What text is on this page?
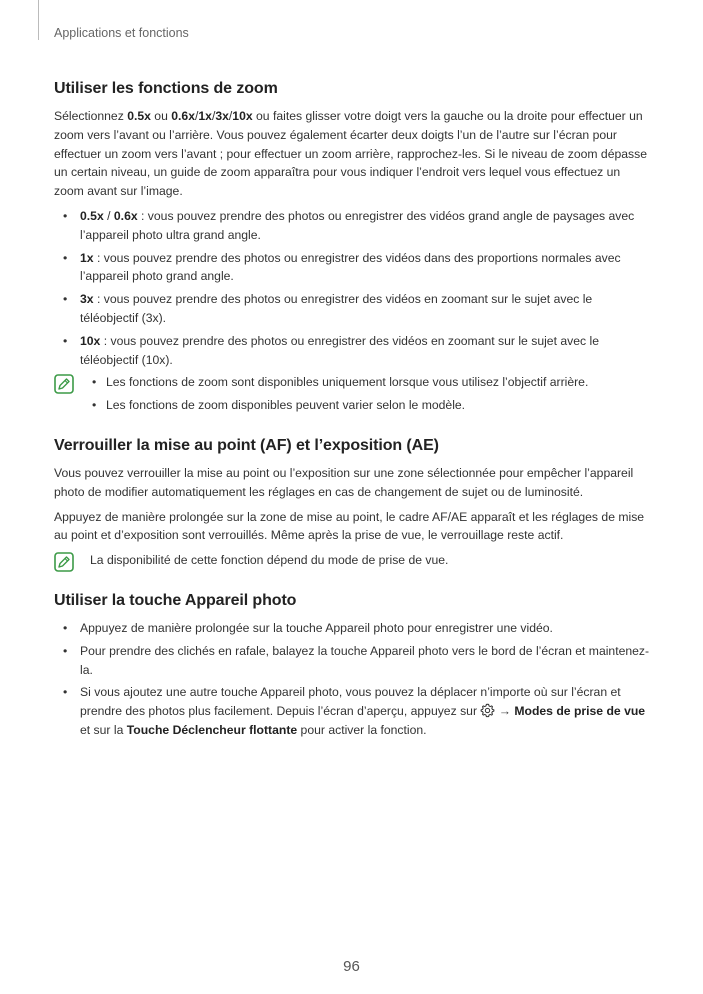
Applications et fonctions
Utiliser les fonctions de zoom

Sélectionnez 0.5x ou 0.6x/1x/3x/10x ou faites glisser votre doigt vers la gauche ou la droite pour effectuer un zoom vers l’avant ou l’arrière. Vous pouvez également écarter deux doigts l’un de l’autre sur l’écran pour effectuer un zoom vers l’avant ; pour effectuer un zoom arrière, rapprochez-les. Si le niveau de zoom dépasse un certain niveau, un guide de zoom apparaîtra pour vous indiquer l’endroit vers lequel vous effectuez un zoom avant sur l’image.

• 0.5x / 0.6x : vous pouvez prendre des photos ou enregistrer des vidéos grand angle de paysages avec l’appareil photo ultra grand angle.
• 1x : vous pouvez prendre des photos ou enregistrer des vidéos dans des proportions normales avec l’appareil photo grand angle.
• 3x : vous pouvez prendre des photos ou enregistrer des vidéos en zoomant sur le sujet avec le téléobjectif (3x).
• 10x : vous pouvez prendre des photos ou enregistrer des vidéos en zoomant sur le sujet avec le téléobjectif (10x).
• Les fonctions de zoom sont disponibles uniquement lorsque vous utilisez l’objectif arrière.
• Les fonctions de zoom disponibles peuvent varier selon le modèle.
Verrouiller la mise au point (AF) et l’exposition (AE)

Vous pouvez verrouiller la mise au point ou l’exposition sur une zone sélectionnée pour empêcher l’appareil photo de modifier automatiquement les réglages en cas de changement de sujet ou de luminosité.

Appuyez de manière prolongée sur la zone de mise au point, le cadre AF/AE apparaît et les réglages de mise au point et d’exposition sont verrouillés. Même après la prise de vue, le verrouillage reste actif.

La disponibilité de cette fonction dépend du mode de prise de vue.

Utiliser la touche Appareil photo
• Appuyez de manière prolongée sur la touche Appareil photo pour enregistrer une vidéo.
• Pour prendre des clichés en rafale, balayez la touche Appareil photo vers le bord de l’écran et maintenez-la.
• Si vous ajoutez une autre touche Appareil photo, vous pouvez la déplacer n’importe où sur l’écran et prendre des photos plus facilement. Depuis l’écran d’aperçu, appuyez sur  → Modes de prise de vue et sur la Touche Déclencheur flottante pour activer la fonction.
96
